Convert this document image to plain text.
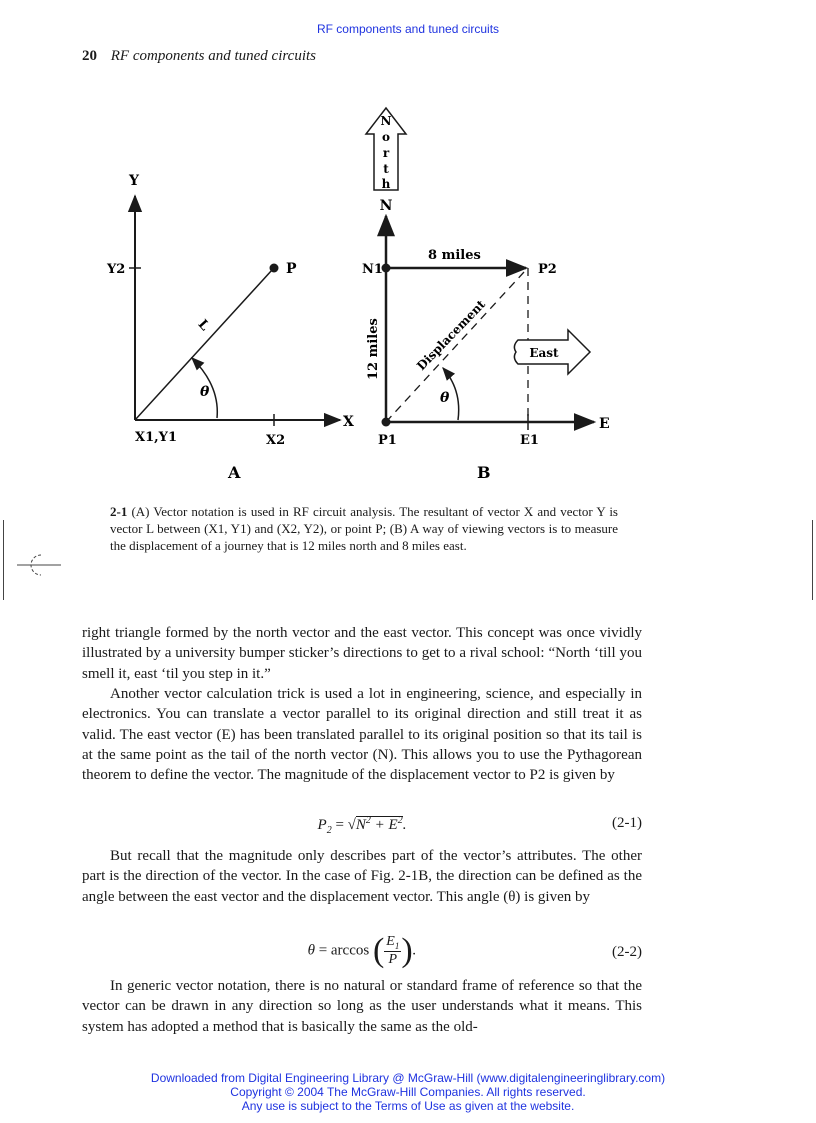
RF components and tuned circuits
20 RF components and tuned circuits
Y
X
Y2
X2
X1,Y1
P
L
θ
A
N
o
r
t
h
N
East
N1	P2
P1	E1
E
8 miles
12 miles	Displacement
θ
B
2-1 (A) Vector notation is used in RF circuit analysis. The resultant of vector X and vector Y is vector L between (X1, Y1) and (X2, Y2), or point P; (B) A way of viewing vectors is to measure the displacement of a journey that is 12 miles north and 8 miles east.

right triangle formed by the north vector and the east vector. This concept was once vividly illustrated by a university bumper sticker’s directions to get to a rival school: “North ‘till you smell it, east ‘til you step in it.”

Another vector calculation trick is used a lot in engineering, science, and especially in electronics. You can translate a vector parallel to its original direction and still treat it as valid. The east vector (E) has been translated parallel to its original position so that its tail is at the same point as the tail of the north vector (N). This allows you to use the Pythagorean theorem to define the vector. The magnitude of the displacement vector to P2 is given by

$P_2 = √N^2 + E^2$.	(2-1)

But recall that the magnitude only describes part of the vector’s attributes. The other part is the direction of the vector. In the case of Fig. 2-1B, the direction can be defined as the angle between the east vector and the displacement vector. This angle (θ) is given by

θ = arccos ( $\frac{E_1}{P}$ ).	(2-2)

In generic vector notation, there is no natural or standard frame of reference so that the vector can be drawn in any direction so long as the user understands what it means. This system has adopted a method that is basically the same as the old-

Downloaded from Digital Engineering Library @ McGraw-Hill (www.digitalengineeringlibrary.com)
Copyright © 2004 The McGraw-Hill Companies. All rights reserved.
Any use is subject to the Terms of Use as given at the website.
